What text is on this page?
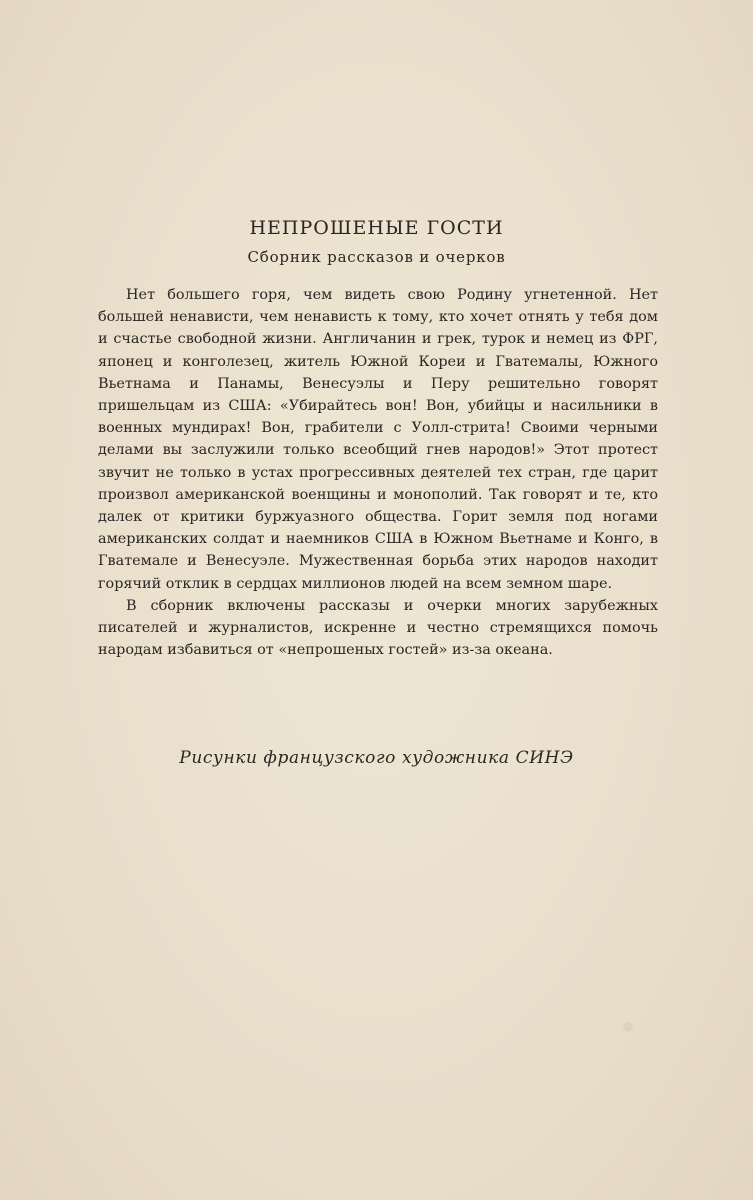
НЕПРОШЕНЫЕ ГОСТИ
Сборник рассказов и очерков

Нет большего горя, чем видеть свою Родину угнетенной. Нет большей ненависти, чем ненависть к тому, кто хочет отнять у тебя дом и счастье свободной жизни. Англичанин и грек, турок и немец из ФРГ, японец и конголезец, житель Южной Кореи и Гватемалы, Южного Вьетнама и Панамы, Венесуэлы и Перу решительно говорят пришельцам из США: «Убирайтесь вон! Вон, убийцы и насильники в военных мундирах! Вон, грабители с Уолл-стрита! Своими черными делами вы заслужили только всеобщий гнев народов!» Этот протест звучит не только в устах прогрессивных деятелей тех стран, где царит произвол американской военщины и монополий. Так говорят и те, кто далек от критики буржуазного общества. Горит земля под ногами американских солдат и наемников США в Южном Вьетнаме и Конго, в Гватемале и Венесуэле. Мужественная борьба этих народов находит горячий отклик в сердцах миллионов людей на всем земном шаре.

В сборник включены рассказы и очерки многих зарубежных писателей и журналистов, искренне и честно стремящихся помочь народам избавиться от «непрошеных гостей» из-за океана.

Рисунки французского художника СИНЭ
